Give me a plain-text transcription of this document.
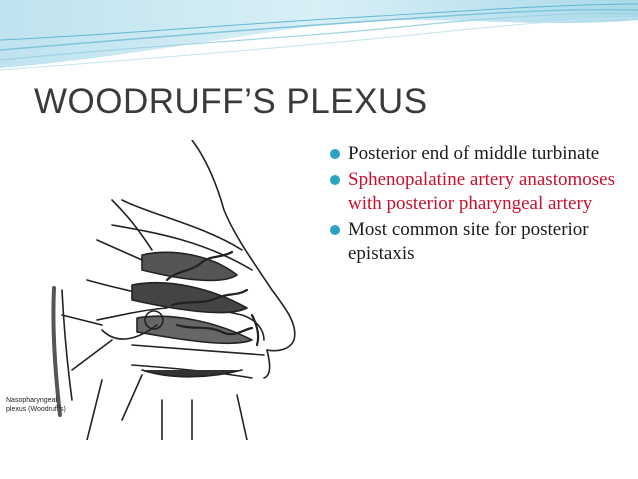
WOODRUFF’S PLEXUS
Nasopharyngeal
plexus (Woodruff's)
Posterior end of middle turbinate
Sphenopalatine artery anastomoses with posterior pharyngeal artery
Most common site for posterior epistaxis
